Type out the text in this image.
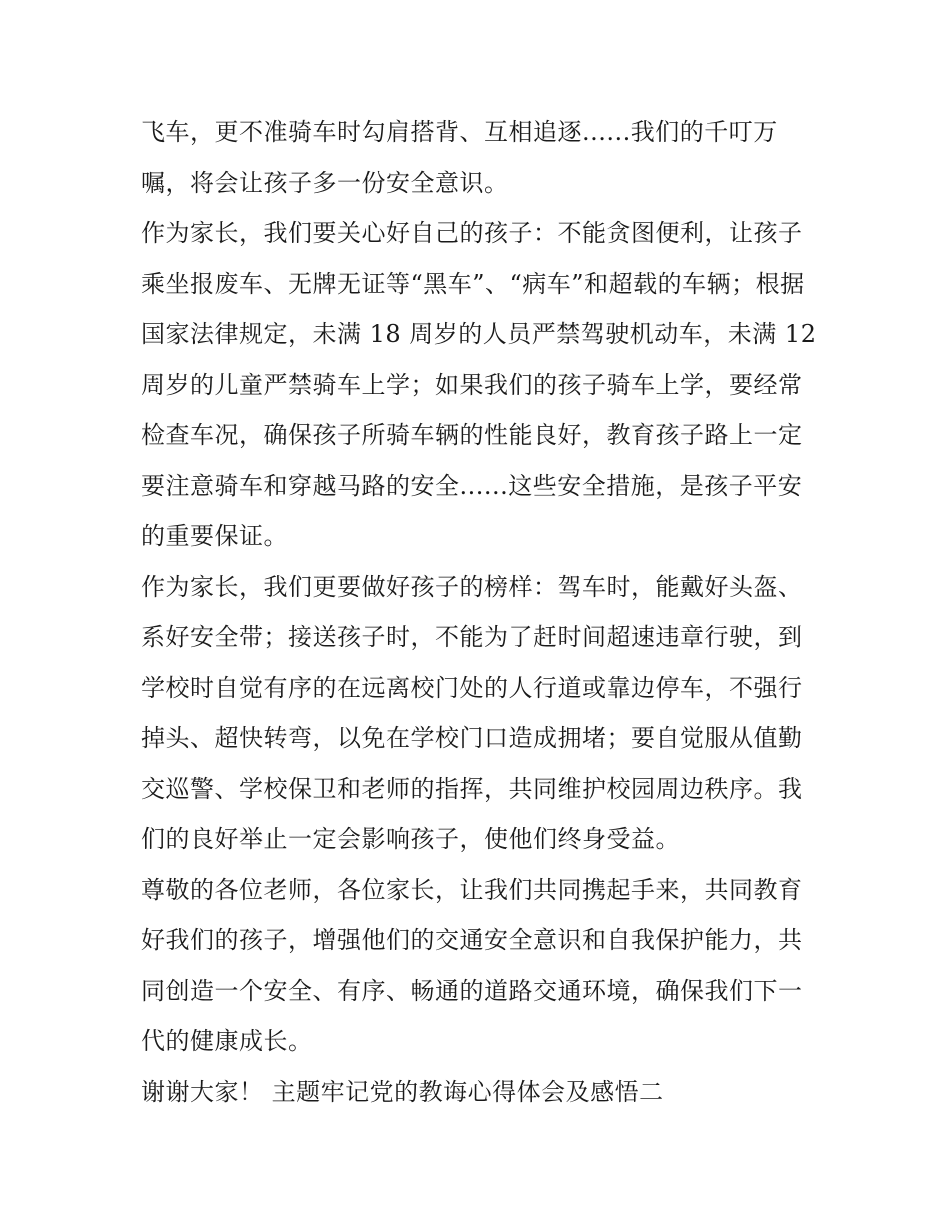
飞车，更不准骑车时勾肩搭背、互相追逐......我们的千叮万
嘱，将会让孩子多一份安全意识。
作为家长，我们要关心好自己的孩子：不能贪图便利，让孩子
乘坐报废车、无牌无证等“黑车”、“病车”和超载的车辆；根据
国家法律规定，未满 18 周岁的人员严禁驾驶机动车，未满 12
周岁的儿童严禁骑车上学；如果我们的孩子骑车上学，要经常
检查车况，确保孩子所骑车辆的性能良好，教育孩子路上一定
要注意骑车和穿越马路的安全......这些安全措施，是孩子平安
的重要保证。
作为家长，我们更要做好孩子的榜样：驾车时，能戴好头盔、
系好安全带；接送孩子时，不能为了赶时间超速违章行驶，到
学校时自觉有序的在远离校门处的人行道或靠边停车，不强行
掉头、超快转弯，以免在学校门口造成拥堵；要自觉服从值勤
交巡警、学校保卫和老师的指挥，共同维护校园周边秩序。我
们的良好举止一定会影响孩子，使他们终身受益。
尊敬的各位老师，各位家长，让我们共同携起手来，共同教育
好我们的孩子，增强他们的交通安全意识和自我保护能力，共
同创造一个安全、有序、畅通的道路交通环境，确保我们下一
代的健康成长。
谢谢大家！ 主题牢记党的教诲心得体会及感悟二
